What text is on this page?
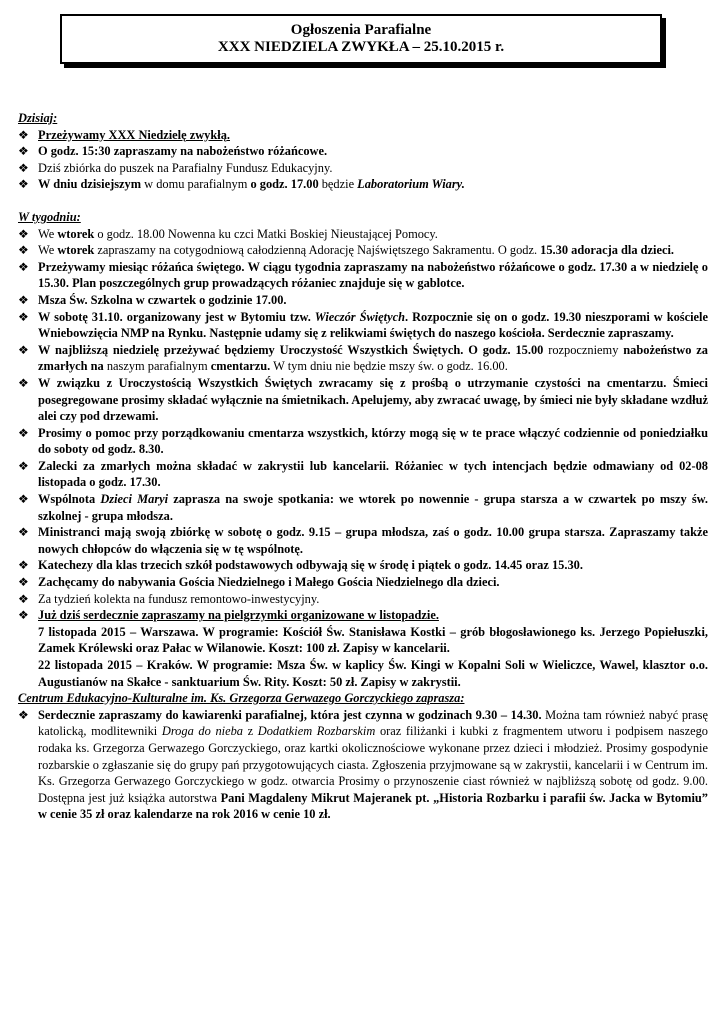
Ogłoszenia Parafialne
XXX NIEDZIELA ZWYKŁA – 25.10.2015 r.
Dzisiaj:
❖ Przeżywamy XXX Niedzielę zwykłą.
❖ O godz. 15:30 zapraszamy na nabożeństwo różańcowe.
❖ Dziś zbiórka do puszek na Parafialny Fundusz Edukacyjny.
❖ W dniu dzisiejszym w domu parafialnym o godz. 17.00 będzie Laboratorium Wiary.
W tygodniu:
❖ We wtorek o godz. 18.00 Nowenna ku czci Matki Boskiej Nieustającej Pomocy.
❖ We wtorek zapraszamy na cotygodniową całodzienną Adorację Najświętszego Sakramentu. O godz. 15.30 adoracja dla dzieci.
❖ Przeżywamy miesiąc różańca świętego. W ciągu tygodnia zapraszamy na nabożeństwo różańcowe o godz. 17.30 a w niedzielę o 15.30. Plan poszczególnych grup prowadzących różaniec znajduje się w gablotce.
❖ Msza Św. Szkolna w czwartek o godzinie 17.00.
❖ W sobotę 31.10. organizowany jest w Bytomiu tzw. Wieczór Świętych. Rozpocznie się on o godz. 19.30 nieszporami w kościele Wniebowzięcia NMP na Rynku. Następnie udamy się z relikwiami świętych do naszego kościoła. Serdecznie zapraszamy.
❖ W najbliższą niedzielę przeżywać będziemy Uroczystość Wszystkich Świętych. O godz. 15.00 rozpoczniemy nabożeństwo za zmarłych na naszym parafialnym cmentarzu. W tym dniu nie będzie mszy św. o godz. 16.00.
❖ W związku z Uroczystością Wszystkich Świętych zwracamy się z prośbą o utrzymanie czystości na cmentarzu. Śmieci posegregowane prosimy składać wyłącznie na śmietnikach. Apelujemy, aby zwracać uwagę, by śmieci nie były składane wzdłuż alei czy pod drzewami.
❖ Prosimy o pomoc przy porządkowaniu cmentarza wszystkich, którzy mogą się w te prace włączyć codziennie od poniedziałku do soboty od godz. 8.30.
❖ Zalecki za zmarłych można składać w zakrystii lub kancelarii. Różaniec w tych intencjach będzie odmawiany od 02-08 listopada o godz. 17.30.
❖ Wspólnota Dzieci Maryi zaprasza na swoje spotkania: we wtorek po nowennie - grupa starsza a w czwartek po mszy św. szkolnej - grupa młodsza.
❖ Ministranci mają swoją zbiórkę w sobotę o godz. 9.15 – grupa młodsza, zaś o godz. 10.00 grupa starsza. Zapraszamy także nowych chłopców do włączenia się w tę wspólnotę.
❖ Katechezy dla klas trzecich szkół podstawowych odbywają się w środę i piątek o godz. 14.45 oraz 15.30.
❖ Zachęcamy do nabywania Gościa Niedzielnego i Małego Gościa Niedzielnego dla dzieci.
❖ Za tydzień kolekta na fundusz remontowo-inwestycyjny.
❖ Już dziś serdecznie zapraszamy na pielgrzymki organizowane w listopadzie.
7 listopada 2015 – Warszawa. W programie: Kościół Św. Stanisława Kostki – grób błogosławionego ks. Jerzego Popiełuszki, Zamek Królewski oraz Pałac w Wilanowie. Koszt: 100 zł. Zapisy w kancelarii.
22 listopada 2015 – Kraków. W programie: Msza Św. w kaplicy Św. Kingi w Kopalni Soli w Wieliczce, Wawel, klasztor o.o. Augustianów na Skałce - sanktuarium Św. Rity. Koszt: 50 zł. Zapisy w zakrystii.
Centrum Edukacyjno-Kulturalne im. Ks. Grzegorza Gerwazego Gorczyckiego zaprasza:
❖ Serdecznie zapraszamy do kawiarenki parafialnej, która jest czynna w godzinach 9.30 – 14.30. Można tam również nabyć prasę katolicką, modlitewniki Droga do nieba z Dodatkiem Rozbarskim oraz filiżanki i kubki z fragmentem utworu i podpisem naszego rodaka ks. Grzegorza Gerwazego Gorczyckiego, oraz kartki okolicznościowe wykonane przez dzieci i młodzież. Prosimy gospodynie rozbarskie o zgłaszanie się do grupy pań przygotowujących ciasta. Zgłoszenia przyjmowane są w zakrystii, kancelarii i w Centrum im. Ks. Grzegorza Gerwazego Gorczyckiego w godz. otwarcia Prosimy o przynoszenie ciast również w najbliższą sobotę od godz. 9.00. Dostępna jest już książka autorstwa Pani Magdaleny Mikrut Majeranek pt. „Historia Rozbarku i parafii św. Jacka w Bytomiu” w cenie 35 zł oraz kalendarze na rok 2016 w cenie 10 zł.
